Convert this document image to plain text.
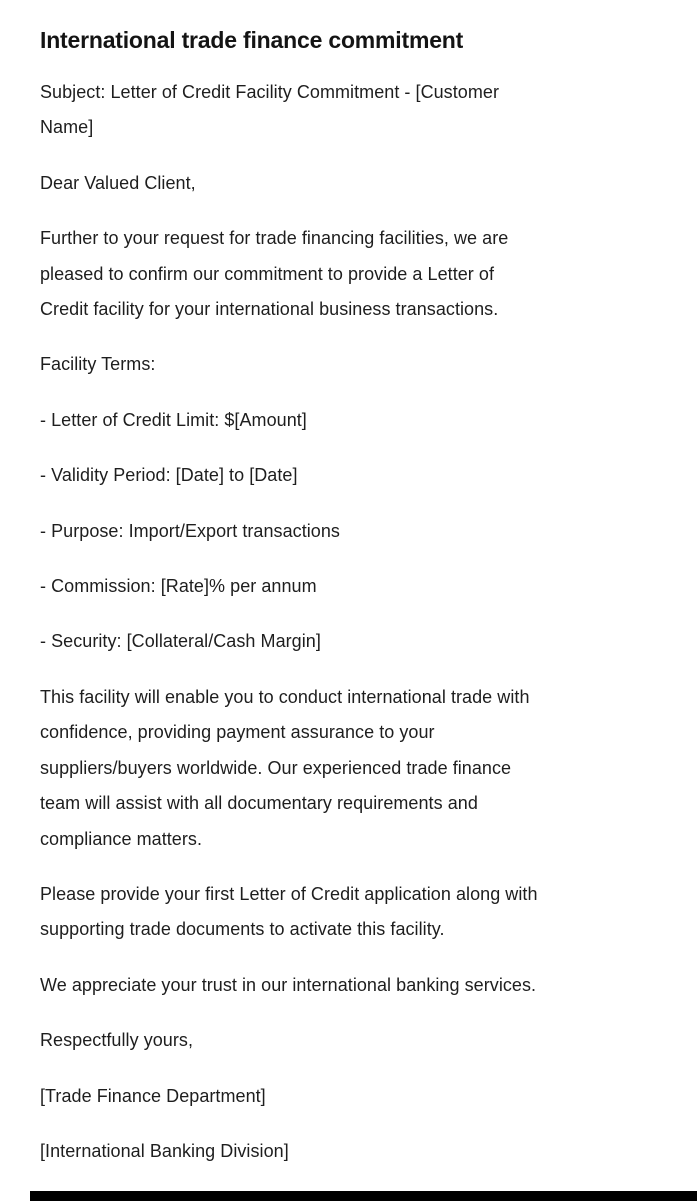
International trade finance commitment

Subject: Letter of Credit Facility Commitment - [Customer
Name]

Dear Valued Client,

Further to your request for trade financing facilities, we are
pleased to confirm our commitment to provide a Letter of
Credit facility for your international business transactions.

Facility Terms:

- Letter of Credit Limit: $[Amount]

- Validity Period: [Date] to [Date]

- Purpose: Import/Export transactions

- Commission: [Rate]% per annum

- Security: [Collateral/Cash Margin]

This facility will enable you to conduct international trade with
confidence, providing payment assurance to your
suppliers/buyers worldwide. Our experienced trade finance
team will assist with all documentary requirements and
compliance matters.

Please provide your first Letter of Credit application along with
supporting trade documents to activate this facility.

We appreciate your trust in our international banking services.

Respectfully yours,

[Trade Finance Department]

[International Banking Division]
